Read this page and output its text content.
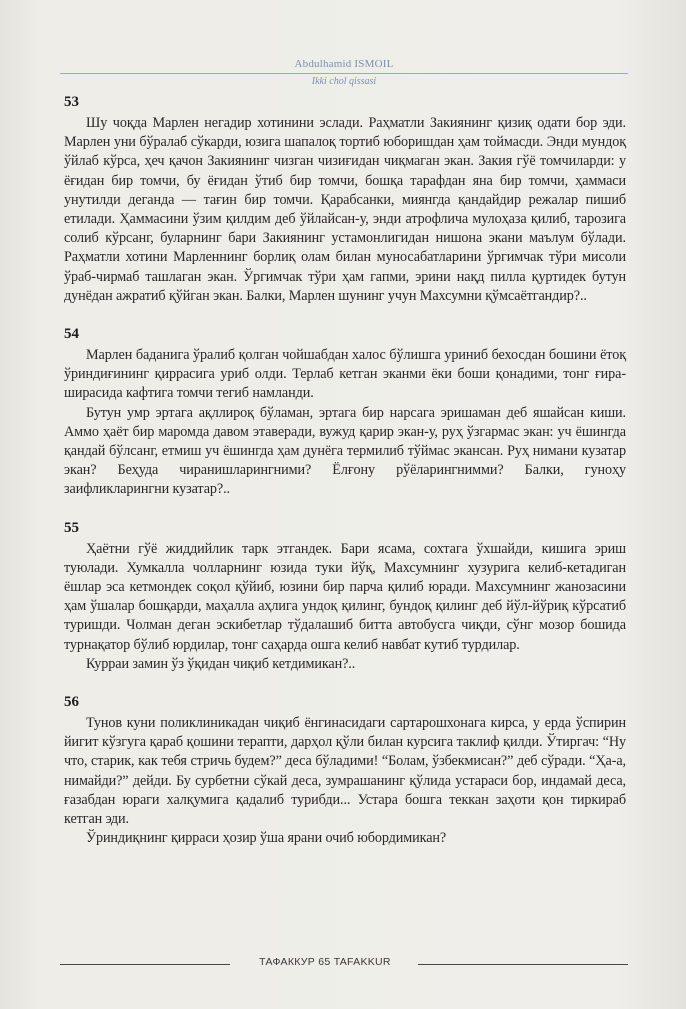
Abdulhamid ISMOIL
Ikki chol qissasi
53

Шу чоқда Марлен негадир хотинини эслади. Раҳматли Закиянинг қизиқ одати бор эди. Марлен уни бўралаб сўкарди, юзига шапалоқ тортиб юборишдан ҳам тоймасди. Энди мундоқ ўйлаб кўрса, ҳеч қачон Закиянинг чизган чизиғидан чиқмаган экан. Закия гўё томчиларди: у ёғидан бир томчи, бу ёғидан ўтиб бир томчи, бошқа тарафдан яна бир томчи, ҳаммаси унутилди деганда — тағин бир томчи. Қарабсанки, миянгда қандайдир режалар пишиб етилади. Ҳаммасини ўзим қилдим деб ўйлайсан-у, энди атрофлича мулоҳаза қилиб, тарозига солиб кўрсанг, буларнинг бари Закиянинг устамонлигидан нишона экани маълум бўлади. Раҳматли хотини Марленнинг борлиқ олам билан муносабатларини ўргимчак тўри мисоли ўраб-чирмаб ташлаган экан. Ўргимчак тўри ҳам гапми, эрини нақд пилла қуртидек бутун дунёдан ажратиб қўйган экан. Балки, Марлен шунинг учун Махсумни қўмсаётгандир?..

54

Марлен баданига ўралиб қолган чойшабдан халос бўлишга уриниб бехосдан бошини ётоқ ўриндиғининг қиррасига уриб олди. Терлаб кетган эканми ёки боши қонадими, тонг ғира-ширасида кафтига томчи тегиб намланди.

Бутун умр эртага ақллироқ бўламан, эртага бир нарсага эришаман деб яшайсан киши. Аммо ҳаёт бир маромда давом этаверади, вужуд қарир экан-у, руҳ ўзгармас экан: уч ёшингда қандай бўлсанг, етмиш уч ёшингда ҳам дунёга термилиб тўймас экансан. Руҳ нимани кузатар экан? Беҳуда чиранишларингними? Ёлғону рўёларингнимми? Балки, гуноҳу заифликларингни кузатар?..

55

Ҳаётни гўё жиддийлик тарк этгандек. Бари ясама, сохтага ўхшайди, кишига эриш туюлади. Хумкалла чолларнинг юзида туки йўқ, Махсумнинг хузурига келиб-кетадиган ёшлар эса кетмондек соқол қўйиб, юзини бир парча қилиб юради. Махсумнинг жанозасини ҳам ўшалар бошқарди, маҳалла аҳлига ундоқ қилинг, бундоқ қилинг деб йўл-йўриқ кўрсатиб туришди. Чолман деган эскибетлар тўдалашиб битта автобусга чиқди, сўнг мозор бошида турнақатор бўлиб юрдилар, тонг саҳарда ошга келиб навбат кутиб турдилар.

Курраи замин ўз ўқидан чиқиб кетдимикан?..

56

Тунов куни поликлиникадан чиқиб ёнгинасидаги сартарошхонага кирса, у ерда ўспирин йигит кўзгуга қараб қошини терапти, дарҳол қўли билан курсига таклиф қилди. Ўтиргач: “Ну что, старик, как тебя стричь будем?” деса бўладими! “Болам, ўзбекмисан?” деб сўради. “Ҳа-а, нимайди?” дейди. Бу сурбетни сўкай деса, зумрашанинг қўлида устараси бор, индамай деса, ғазабдан юраги халқумига қадалиб турибди... Устара бошга теккан заҳоти қон тиркираб кетган эди.

Ўриндиқнинг қирраси ҳозир ўша ярани очиб юбордимикан?

ТАФАККУР 65 TAFAKKUR
